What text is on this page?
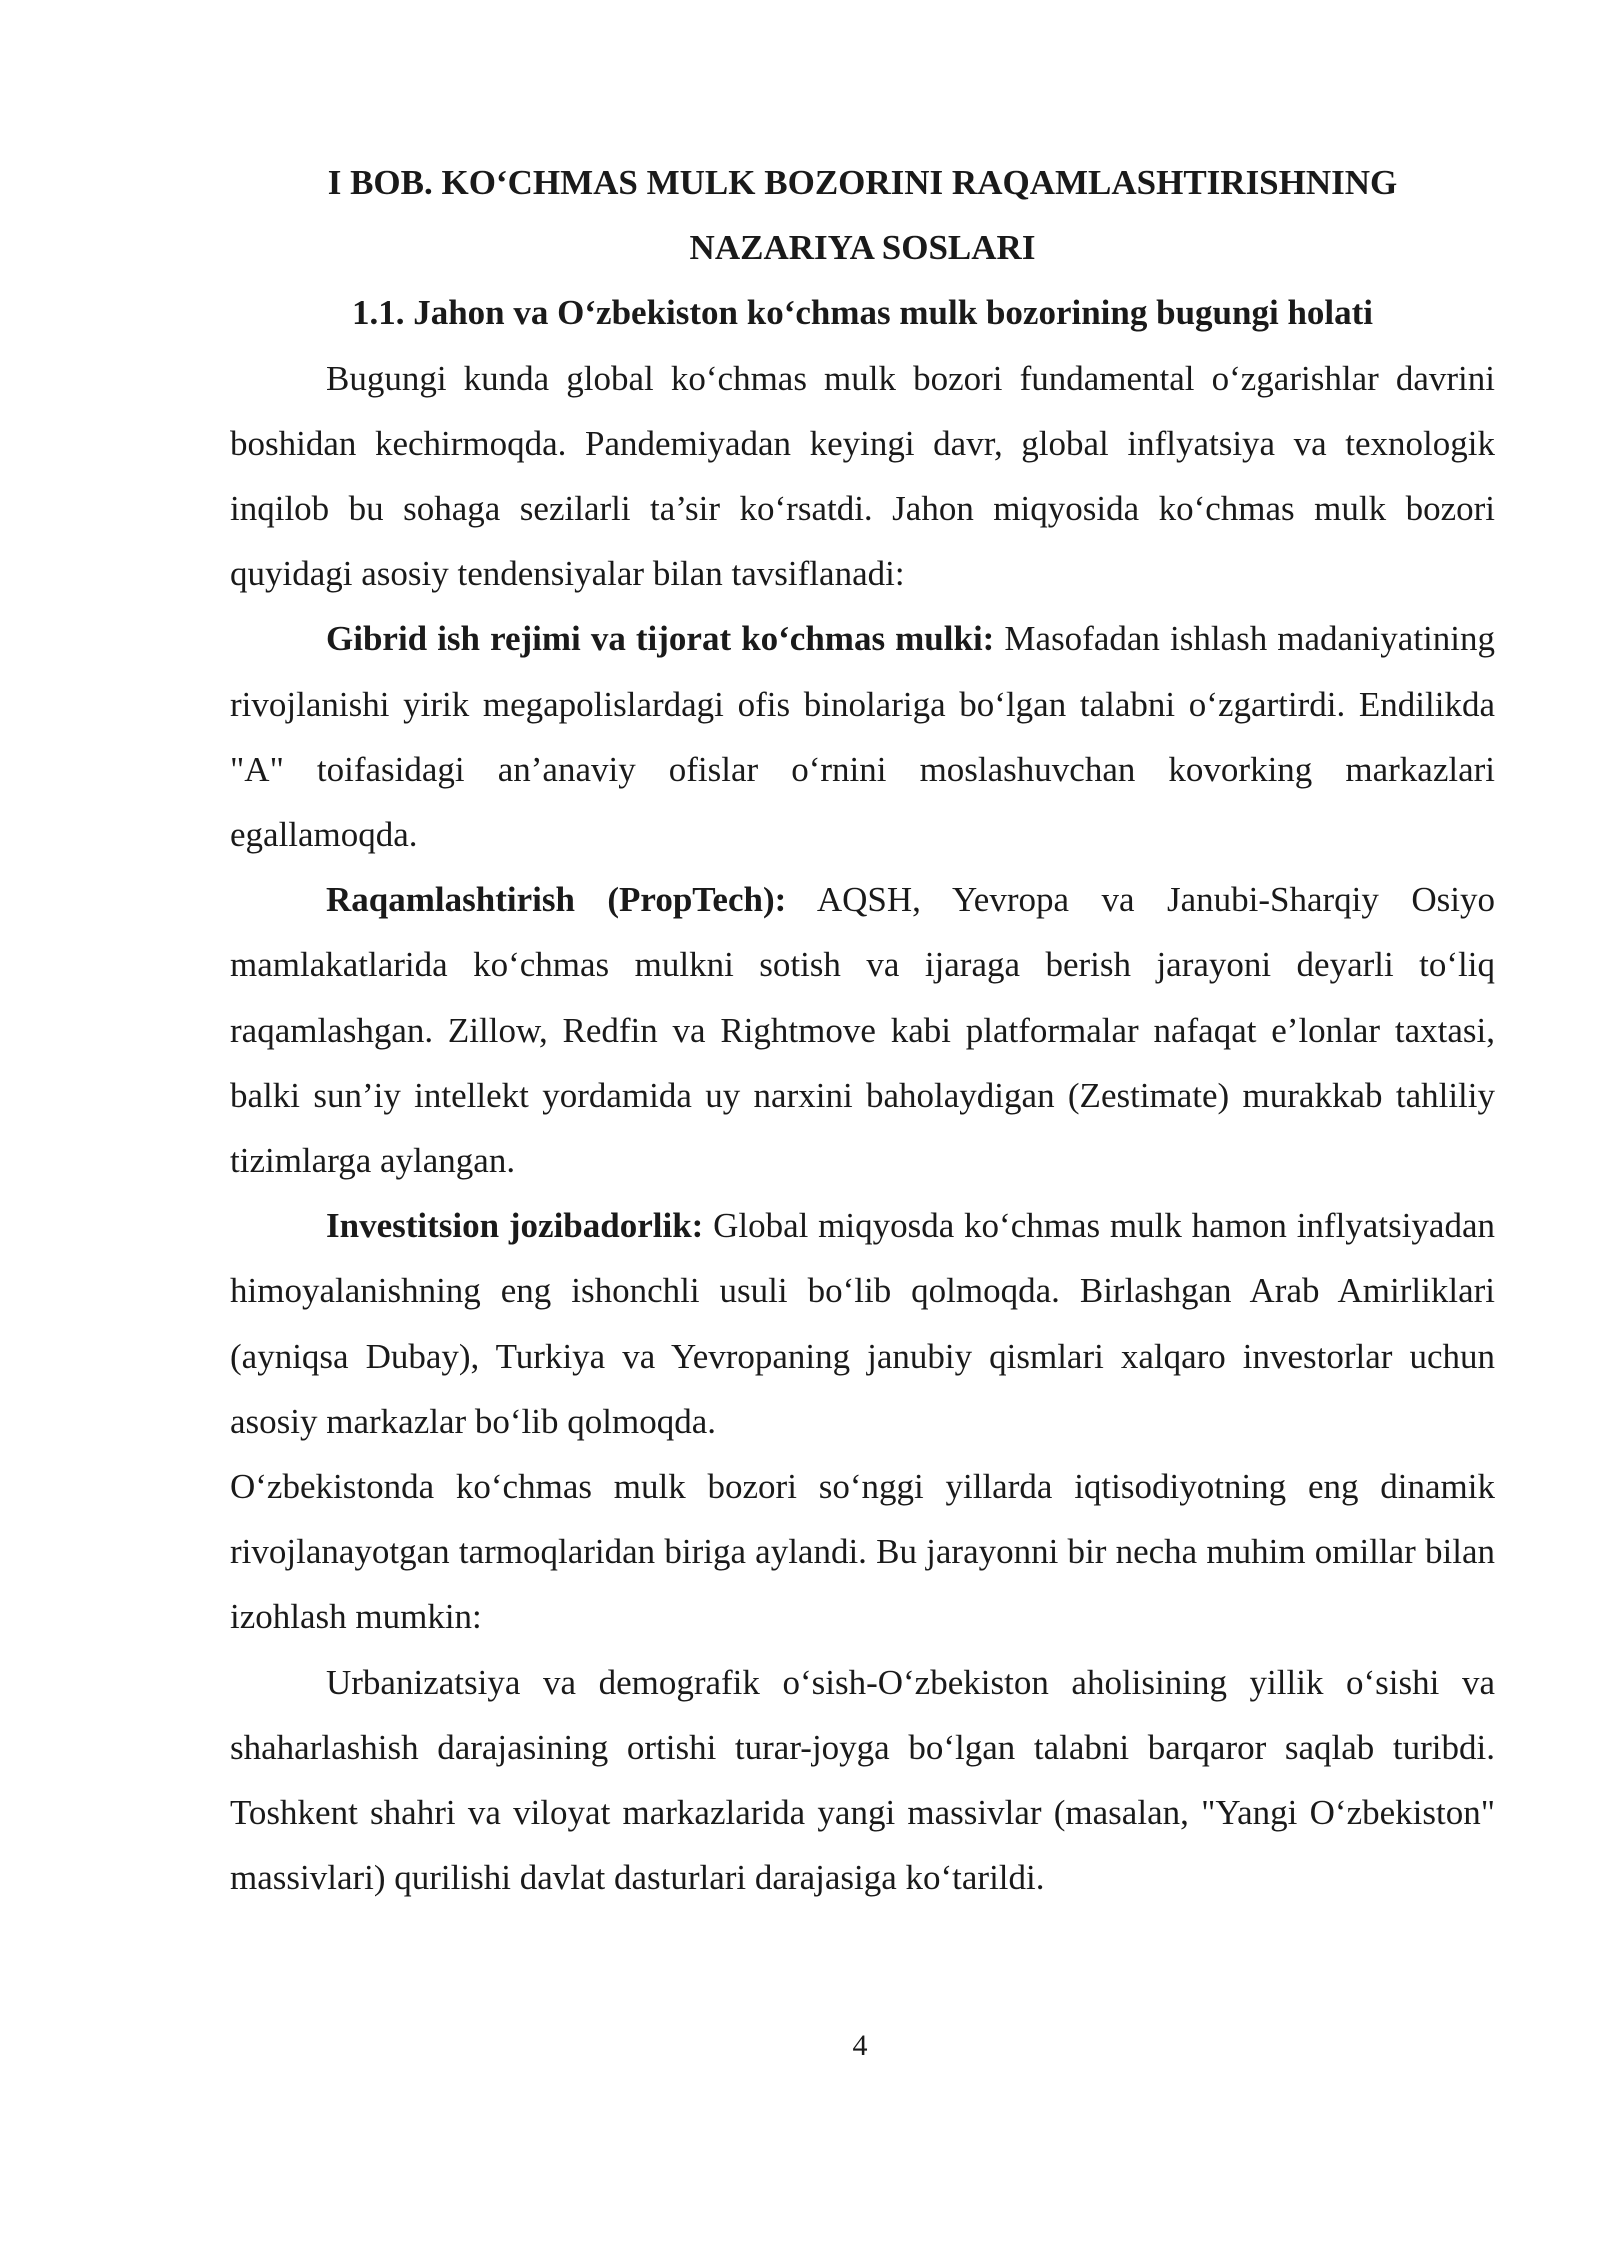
I BOB. KO‘CHMAS MULK BOZORINI RAQAMLASHTIRISHNING
NAZARIYA SOSLARI
1.1. Jahon va O‘zbekiston ko‘chmas mulk bozorining bugungi holati

Bugungi kunda global ko‘chmas mulk bozori fundamental o‘zgarishlar davrini boshidan kechirmoqda. Pandemiyadan keyingi davr, global inflyatsiya va texnologik inqilob bu sohaga sezilarli ta’sir ko‘rsatdi. Jahon miqyosida ko‘chmas mulk bozori quyidagi asosiy tendensiyalar bilan tavsiflanadi:

Gibrid ish rejimi va tijorat ko‘chmas mulki: Masofadan ishlash madaniyatining rivojlanishi yirik megapolislardagi ofis binolariga bo‘lgan talabni o‘zgartirdi. Endilikda "A" toifasidagi an’anaviy ofislar o‘rnini moslashuvchan kovorking markazlari egallamoqda.

Raqamlashtirish (PropTech): AQSH, Yevropa va Janubi-Sharqiy Osiyo mamlakatlarida ko‘chmas mulkni sotish va ijaraga berish jarayoni deyarli to‘liq raqamlashgan. Zillow, Redfin va Rightmove kabi platformalar nafaqat e’lonlar taxtasi, balki sun’iy intellekt yordamida uy narxini baholaydigan (Zestimate) murakkab tahliliy tizimlarga aylangan.

Investitsion jozibadorlik: Global miqyosda ko‘chmas mulk hamon inflyatsiyadan himoyalanishning eng ishonchli usuli bo‘lib qolmoqda. Birlashgan Arab Amirliklari (ayniqsa Dubay), Turkiya va Yevropaning janubiy qismlari xalqaro investorlar uchun asosiy markazlar bo‘lib qolmoqda.

O‘zbekistonda ko‘chmas mulk bozori so‘nggi yillarda iqtisodiyotning eng dinamik rivojlanayotgan tarmoqlaridan biriga aylandi. Bu jarayonni bir necha muhim omillar bilan izohlash mumkin:

Urbanizatsiya va demografik o‘sish-O‘zbekiston aholisining yillik o‘sishi va shaharlashish darajasining ortishi turar-joyga bo‘lgan talabni barqaror saqlab turibdi. Toshkent shahri va viloyat markazlarida yangi massivlar (masalan, "Yangi O‘zbekiston" massivlari) qurilishi davlat dasturlari darajasiga ko‘tarildi.

4
